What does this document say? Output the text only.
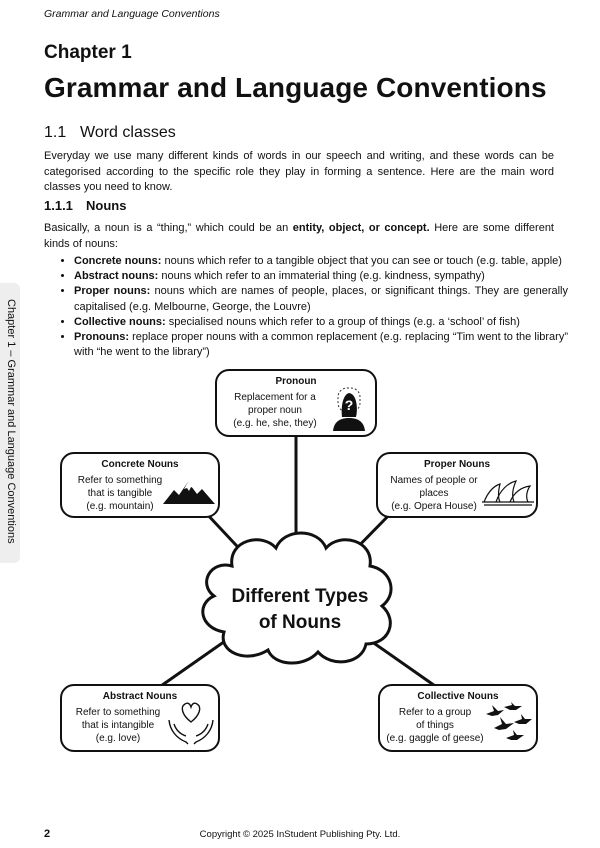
Grammar and Language Conventions
Chapter 1 – Grammar and Language Conventions
Chapter 1
Grammar and Language Conventions
1.1 Word classes
Everyday we use many different kinds of words in our speech and writing, and these words can be categorised according to the specific role they play in forming a sentence. Here are the main word classes you need to know.
1.1.1 Nouns
Basically, a noun is a “thing,” which could be an entity, object, or concept. Here are some different kinds of nouns:
• Concrete nouns: nouns which refer to a tangible object that you can see or touch (e.g. table, apple)
• Abstract nouns: nouns which refer to an immaterial thing (e.g. kindness, sympathy)
• Proper nouns: nouns which are names of people, places, or significant things. They are generally capitalised (e.g. Melbourne, George, the Louvre)
• Collective nouns: specialised nouns which refer to a group of things (e.g. a ‘school’ of fish)
• Pronouns: replace proper nouns with a common replacement (e.g. replacing “Tim went to the library” with “he went to the library”)
Different Types
of Nouns
Pronoun
Replacement for a
proper noun
(e.g. he, she, they)
?
Concrete Nouns
Refer to something
that is tangible
(e.g. mountain)
Proper Nouns
Names of people or
places
(e.g. Opera House)
Abstract Nouns
Refer to something
that is intangible
(e.g. love)
Collective Nouns
Refer to a group
of things
(e.g. gaggle of geese)
2	Copyright © 2025 InStudent Publishing Pty. Ltd.
